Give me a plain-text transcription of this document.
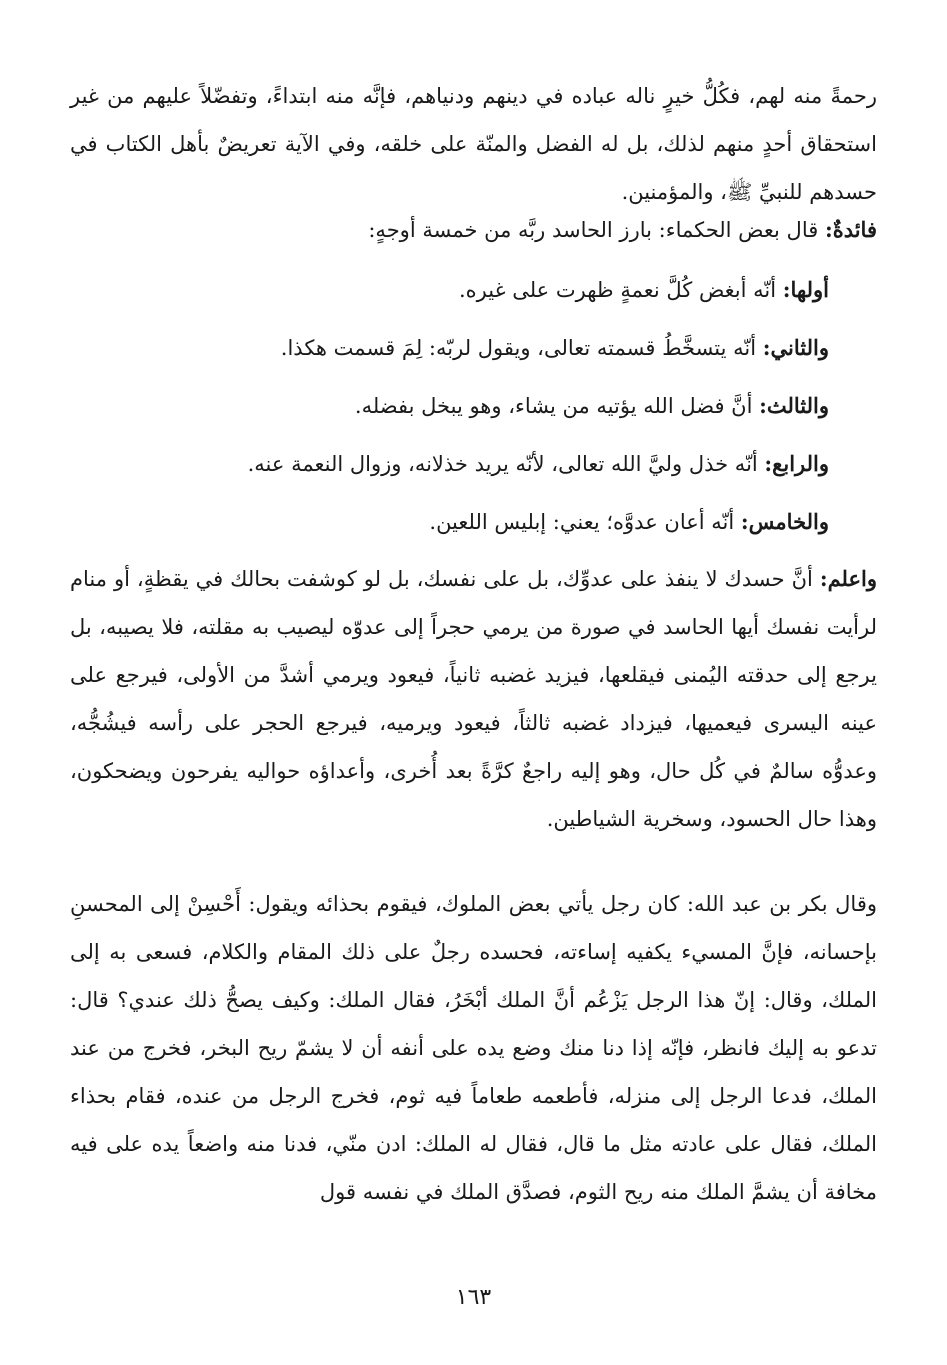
رحمةً منه لهم، فكُلُّ خيرٍ ناله عباده في دينهم ودنياهم، فإنَّه منه ابتداءً، وتفضّلاً عليهم من غير استحقاق أحدٍ منهم لذلك، بل له الفضل والمنّة على خلقه، وفي الآية تعريضٌ بأهل الكتاب في حسدهم للنبيِّ ﷺ، والمؤمنين.

فائدةٌ: قال بعض الحكماء: بارز الحاسد ربَّه من خمسة أوجهٍ:

أولها: أنّه أبغض كُلَّ نعمةٍ ظهرت على غيره.
والثاني: أنّه يتسخَّطُ قسمته تعالى، ويقول لربّه: لِمَ قسمت هكذا.
والثالث: أنَّ فضل الله يؤتيه من يشاء، وهو يبخل بفضله.
والرابع: أنّه خذل وليَّ الله تعالى، لأنّه يريد خذلانه، وزوال النعمة عنه.
والخامس: أنّه أعان عدوَّه؛ يعني: إبليس اللعين.

واعلم: أنَّ حسدك لا ينفذ على عدوِّك، بل على نفسك، بل لو كوشفت بحالك في يقظةٍ، أو منام لرأيت نفسك أيها الحاسد في صورة من يرمي حجراً إلى عدوّه ليصيب به مقلته، فلا يصيبه، بل يرجع إلى حدقته اليُمنى فيقلعها، فيزيد غضبه ثانياً، فيعود ويرمي أشدَّ من الأولى، فيرجع على عينه اليسرى فيعميها، فيزداد غضبه ثالثاً، فيعود ويرميه، فيرجع الحجر على رأسه فيشُجُّه، وعدوُّه سالمٌ في كُل حال، وهو إليه راجعٌ كرَّةً بعد أُخرى، وأعداؤه حواليه يفرحون ويضحكون، وهذا حال الحسود، وسخرية الشياطين.

وقال بكر بن عبد الله: كان رجل يأتي بعض الملوك، فيقوم بحذائه ويقول: أَحْسِنْ إلى المحسنِ بإحسانه، فإنَّ المسيء يكفيه إساءته، فحسده رجلٌ على ذلك المقام والكلام، فسعى به إلى الملك، وقال: إنّ هذا الرجل يَزْعُم أنَّ الملك أبْخَرُ، فقال الملك: وكيف يصحُّ ذلك عندي؟ قال: تدعو به إليك فانظر، فإنّه إذا دنا منك وضع يده على أنفه أن لا يشمّ ريح البخر، فخرج من عند الملك، فدعا الرجل إلى منزله، فأطعمه طعاماً فيه ثوم، فخرج الرجل من عنده، فقام بحذاء الملك، فقال على عادته مثل ما قال، فقال له الملك: ادن منّي، فدنا منه واضعاً يده على فيه مخافة أن يشمَّ الملك منه ريح الثوم، فصدَّق الملك في نفسه قول

١٦٣
